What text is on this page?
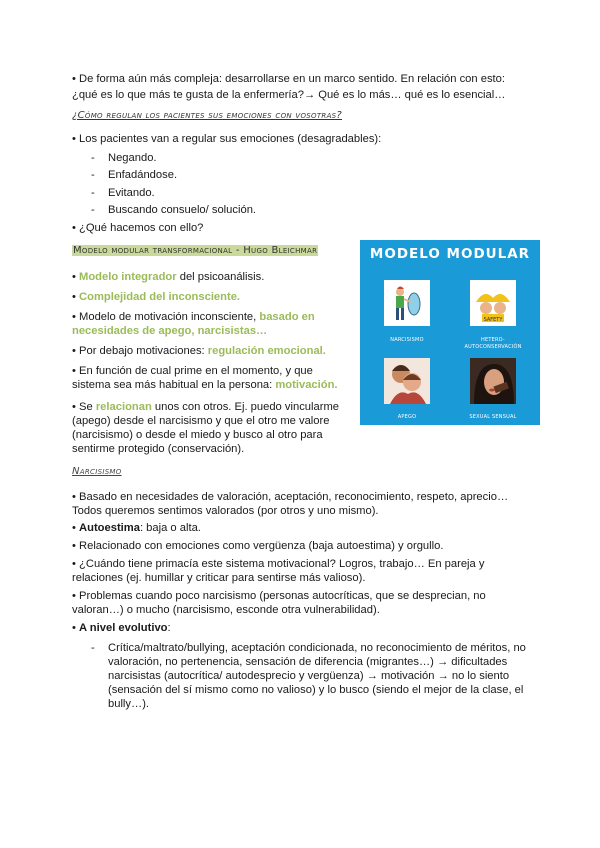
• De forma aún más compleja: desarrollarse en un marco sentido. En relación con esto:
¿qué es lo que más te gusta de la enfermería?→ Qué es lo más… qué es lo esencial…
¿Cómo regulan los pacientes sus emociones con vosotras?
• Los pacientes van a regular sus emociones (desagradables):
- Negando.
- Enfadándose.
- Evitando.
- Buscando consuelo/ solución.
• ¿Qué hacemos con ello?
Modelo modular transformacional - Hugo Bleichmar
• Modelo integrador del psicoanálisis.
• Complejidad del inconsciente.
• Modelo de motivación inconsciente, basado en
necesidades de apego, narcisistas…
• Por debajo motivaciones: regulación emocional.
• En función de cual prime en el momento, y que
sistema sea más habitual en la persona: motivación.
• Se relacionan unos con otros. Ej. puedo vincularme
(apego) desde el narcisismo y que el otro me valore
(narcisismo) o desde el miedo y busco al otro para
sentirme protegido (conservación).
MODELO MODULAR
NARCISISMO
SAFETY
HETERO-
AUTOCONSERVACIÓN
APEGO	SEXUAL SENSUAL
Narcisismo
• Basado en necesidades de valoración, aceptación, reconocimiento, respeto, aprecio…
Todos queremos sentimos valorados (por otros y uno mismo).
• Autoestima: baja o alta.
• Relacionado con emociones como vergüenza (baja autoestima) y orgullo.
• ¿Cuándo tiene primacía este sistema motivacional? Logros, trabajo… En pareja y
relaciones (ej. humillar y criticar para sentirse más valioso).
• Problemas cuando poco narcisismo (personas autocríticas, que se desprecian, no
valoran…) o mucho (narcisismo, esconde otra vulnerabilidad).
• A nivel evolutivo:
- Crítica/maltrato/bullying, aceptación condicionada, no reconocimiento de méritos, no
valoración, no pertenencia, sensación de diferencia (migrantes…) → dificultades
narcisistas (autocrítica/ autodesprecio y vergüenza) → motivación → no lo siento
(sensación del sí mismo como no valioso) y lo busco (siendo el mejor de la clase, el
bully…).
